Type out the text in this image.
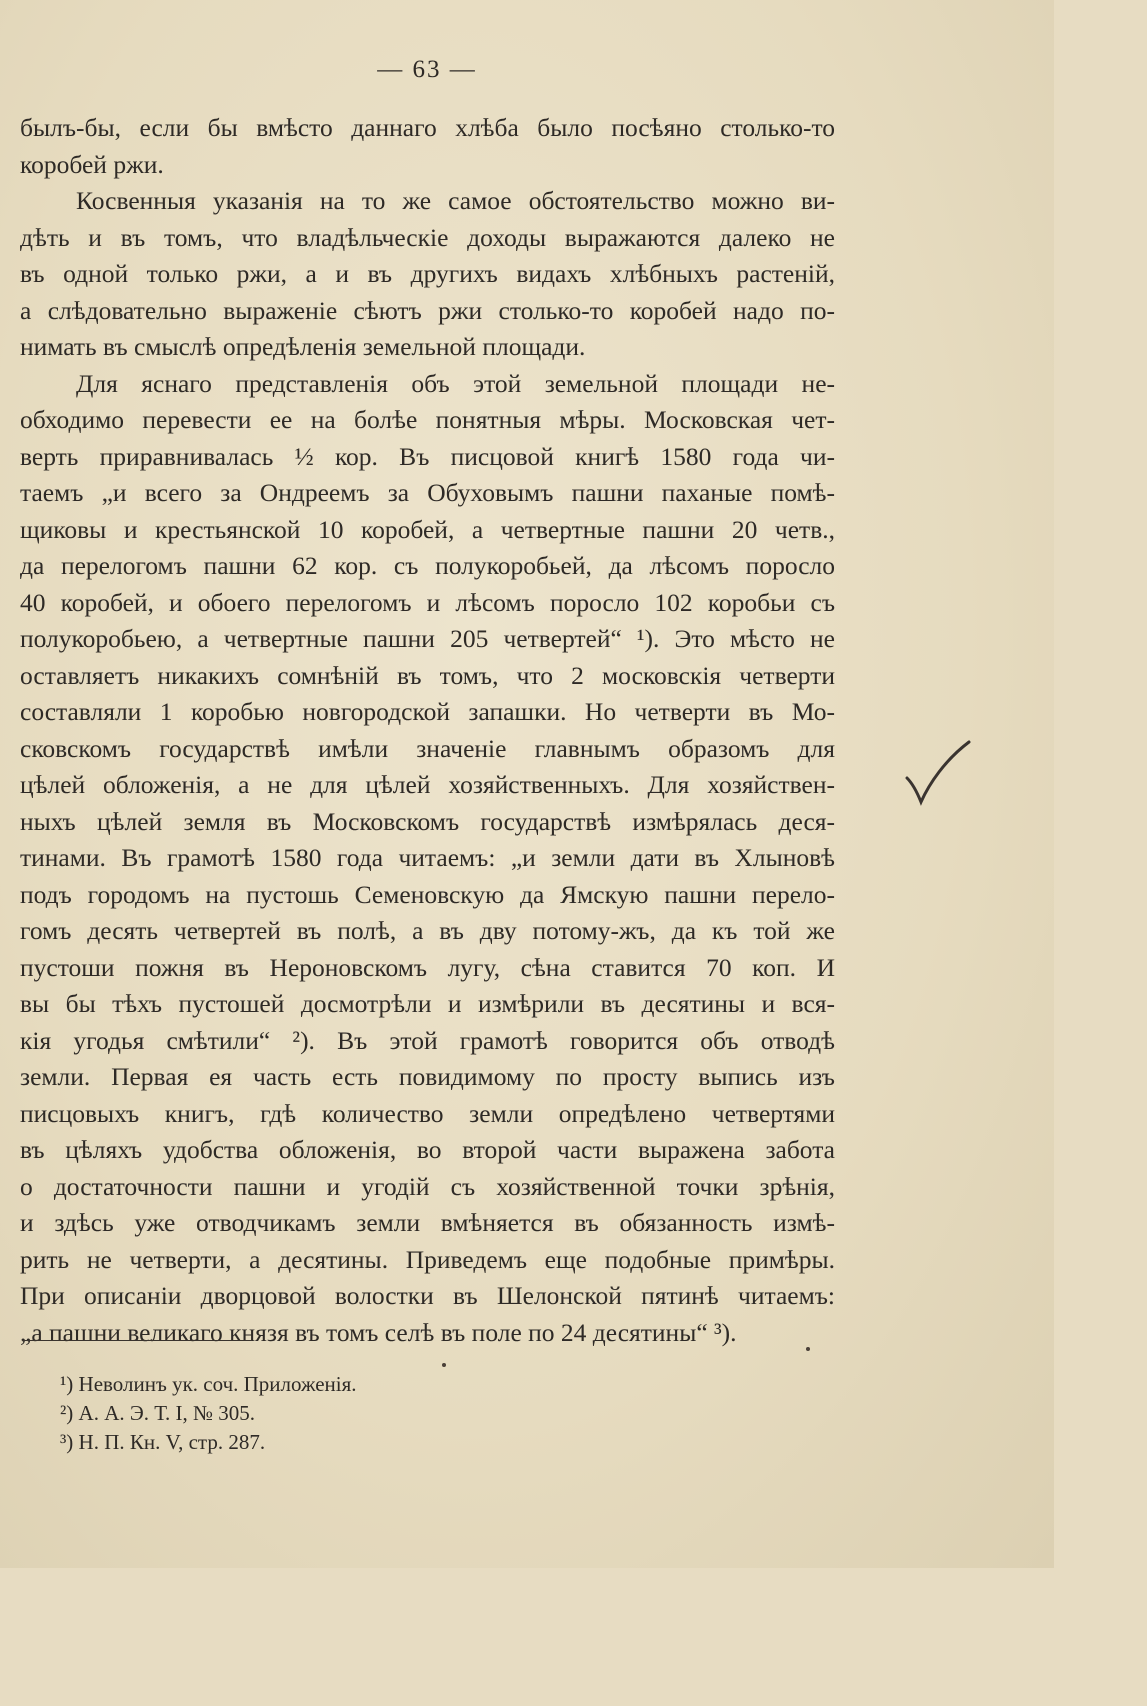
— 63 —
былъ-бы, если бы вмѣсто даннаго хлѣба было посѣяно столько-то
коробей ржи.
Косвенныя указанія на то же самое обстоятельство можно ви-
дѣть и въ томъ, что владѣльческіе доходы выражаются далеко не
въ одной только ржи, а и въ другихъ видахъ хлѣбныхъ растеній,
а слѣдовательно выраженіе сѣютъ ржи столько-то коробей надо по-
нимать въ смыслѣ опредѣленія земельной площади.
Для яснаго представленія объ этой земельной площади не-
обходимо перевести ее на болѣе понятныя мѣры. Московская чет-
верть приравнивалась ½ кор. Въ писцовой книгѣ 1580 года чи-
таемъ „и всего за Ондреемъ за Обуховымъ пашни паханые помѣ-
щиковы и крестьянской 10 коробей, а четвертные пашни 20 четв.,
да перелогомъ пашни 62 кор. съ полукоробьей, да лѣсомъ поросло
40 коробей, и обоего перелогомъ и лѣсомъ поросло 102 коробьи съ
полукоробьею, а четвертные пашни 205 четвертей“ ¹). Это мѣсто не
оставляетъ никакихъ сомнѣній въ томъ, что 2 московскія четверти
составляли 1 коробью новгородской запашки. Но четверти въ Мо-
сковскомъ государствѣ имѣли значеніе главнымъ образомъ для
цѣлей обложенія, а не для цѣлей хозяйственныхъ. Для хозяйствен-
ныхъ цѣлей земля въ Московскомъ государствѣ измѣрялась деся-
тинами. Въ грамотѣ 1580 года читаемъ: „и земли дати въ Хлыновѣ
подъ городомъ на пустошь Семеновскую да Ямскую пашни перело-
гомъ десять четвертей въ полѣ, а въ дву потому-жъ, да къ той же
пустоши пожня въ Нероновскомъ лугу, сѣна ставится 70 коп. И
вы бы тѣхъ пустошей досмотрѣли и измѣрили въ десятины и вся-
кія угодья смѣтили“ ²). Въ этой грамотѣ говорится объ отводѣ
земли. Первая ея часть есть повидимому по просту выпись изъ
писцовыхъ книгъ, гдѣ количество земли опредѣлено четвертями
въ цѣляхъ удобства обложенія, во второй части выражена забота
о достаточности пашни и угодій съ хозяйственной точки зрѣнія,
и здѣсь уже отводчикамъ земли вмѣняется въ обязанность измѣ-
рить не четверти, а десятины. Приведемъ еще подобные примѣры.
При описаніи дворцовой волостки въ Шелонской пятинѣ читаемъ:
„а пашни великаго князя въ томъ селѣ въ поле по 24 десятины“ ³).
¹) Неволинъ ук. соч. Приложенія.
²) А. А. Э. Т. I, № 305.
³) Н. П. Кн. V, стр. 287.
